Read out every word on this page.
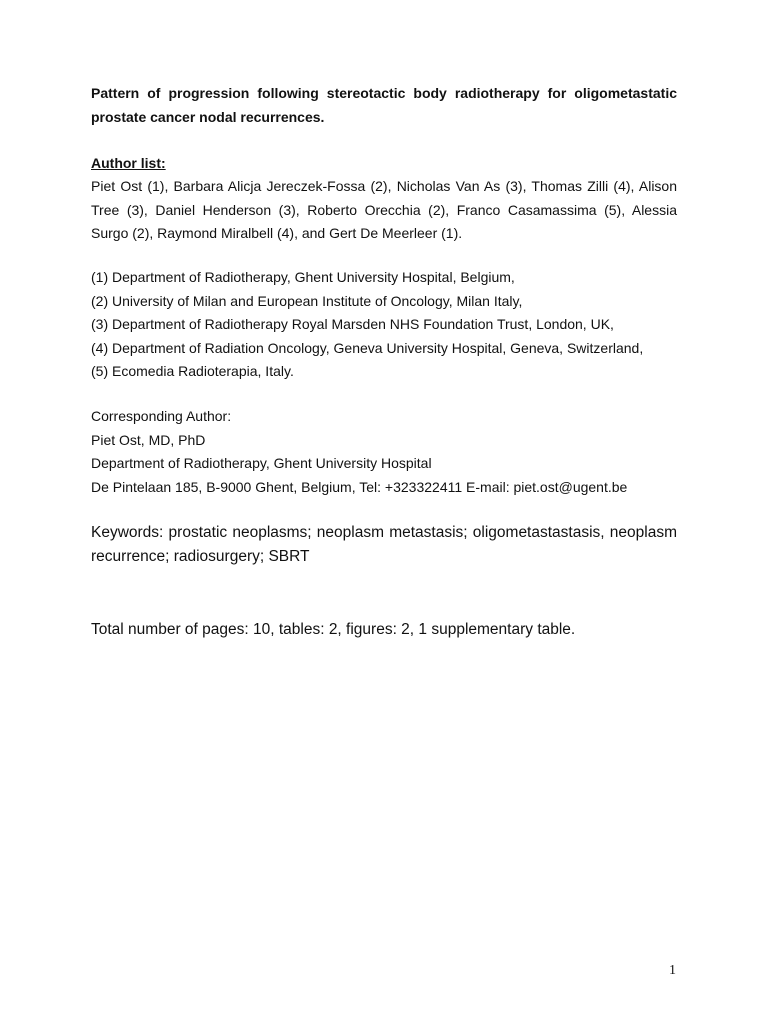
Pattern of progression following stereotactic body radiotherapy for oligometastatic prostate cancer nodal recurrences.
Author list:
Piet Ost (1), Barbara Alicja Jereczek-Fossa (2), Nicholas Van As (3), Thomas Zilli (4), Alison Tree (3), Daniel Henderson (3), Roberto Orecchia (2), Franco Casamassima (5), Alessia Surgo (2), Raymond Miralbell (4), and Gert De Meerleer (1).
(1) Department of Radiotherapy, Ghent University Hospital, Belgium,
(2) University of Milan and European Institute of Oncology, Milan Italy,
(3) Department of Radiotherapy Royal Marsden NHS Foundation Trust, London, UK,
(4) Department of Radiation Oncology, Geneva University Hospital, Geneva, Switzerland,
(5) Ecomedia Radioterapia, Italy.
Corresponding Author:
Piet Ost, MD, PhD
Department of Radiotherapy, Ghent University Hospital
De Pintelaan 185, B-9000 Ghent, Belgium, Tel: +323322411 E-mail: piet.ost@ugent.be
Keywords: prostatic neoplasms; neoplasm metastasis; oligometastastasis, neoplasm recurrence; radiosurgery; SBRT
Total number of pages: 10, tables: 2, figures: 2, 1 supplementary table.
1
